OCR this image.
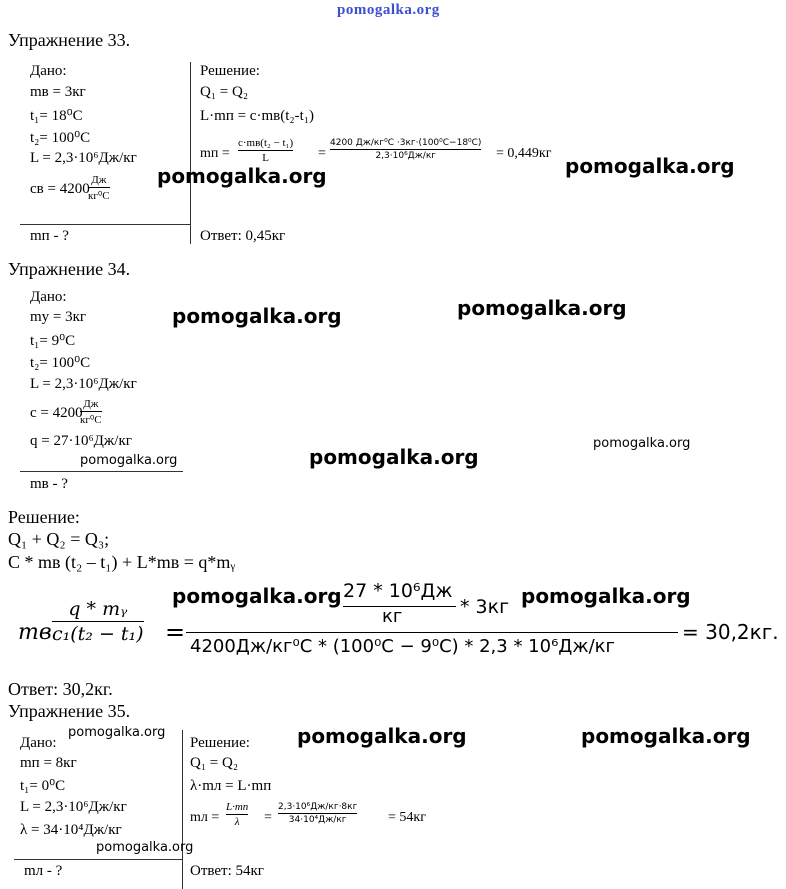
pomogalka.org
Упражнение 33.
Дано:
mв = 3кг
t₁= 18⁰C
t₂= 100⁰C
L = 2,3·10⁶Дж/кг
cв = 4200
Дж
кг⁰C
mп - ?
Решение:
Q₁ = Q₂
L·mп = c·mв(t₂-t₁)
mп =
c·mв(t₂ − t₁)
L	=
4200 Дж/кг⁰C ·3кг·(100⁰C−18⁰C)
2,3·10⁶Дж/кг	= 0,449кг
Ответ: 0,45кг
pomogalka.org	pomogalka.org
Упражнение 34.
Дано:
mу = 3кг
t₁= 9⁰C
t₂= 100⁰C
L = 2,3·10⁶Дж/кг
c = 4200
Дж
кг⁰C
q = 27·10⁶Дж/кг
mв - ?
pomogalka.org	pomogalka.org
pomogalka.org
pomogalka.org
pomogalka.org
Решение:
Q₁ + Q₂ = Q₃;
C * mв (t₂ – t₁) + L*mв = q*mᵧ
mв
q * mᵧ
c₁(t₂ − t₁) =
27 * 10⁶Дж
кг	* 3кг
4200Дж/кг⁰C * (100⁰C − 9⁰C) * 2,3 * 10⁶Дж/кг
= 30,2кг.
pomogalka.org	pomogalka.org
Ответ: 30,2кг.
Упражнение 35.
Дано:
mп = 8кг
t₁= 0⁰C
L = 2,3·10⁶Дж/кг
λ = 34·10⁴Дж/кг
mл - ?
Решение:
Q₁ = Q₂
λ·mл = L·mп
mл =
L·mп
λ	=
2,3·10⁶Дж/кг·8кг
34·10⁴Дж/кг	= 54кг
Ответ: 54кг
pomogalka.org
pomogalka.org
pomogalka.org	pomogalka.org
